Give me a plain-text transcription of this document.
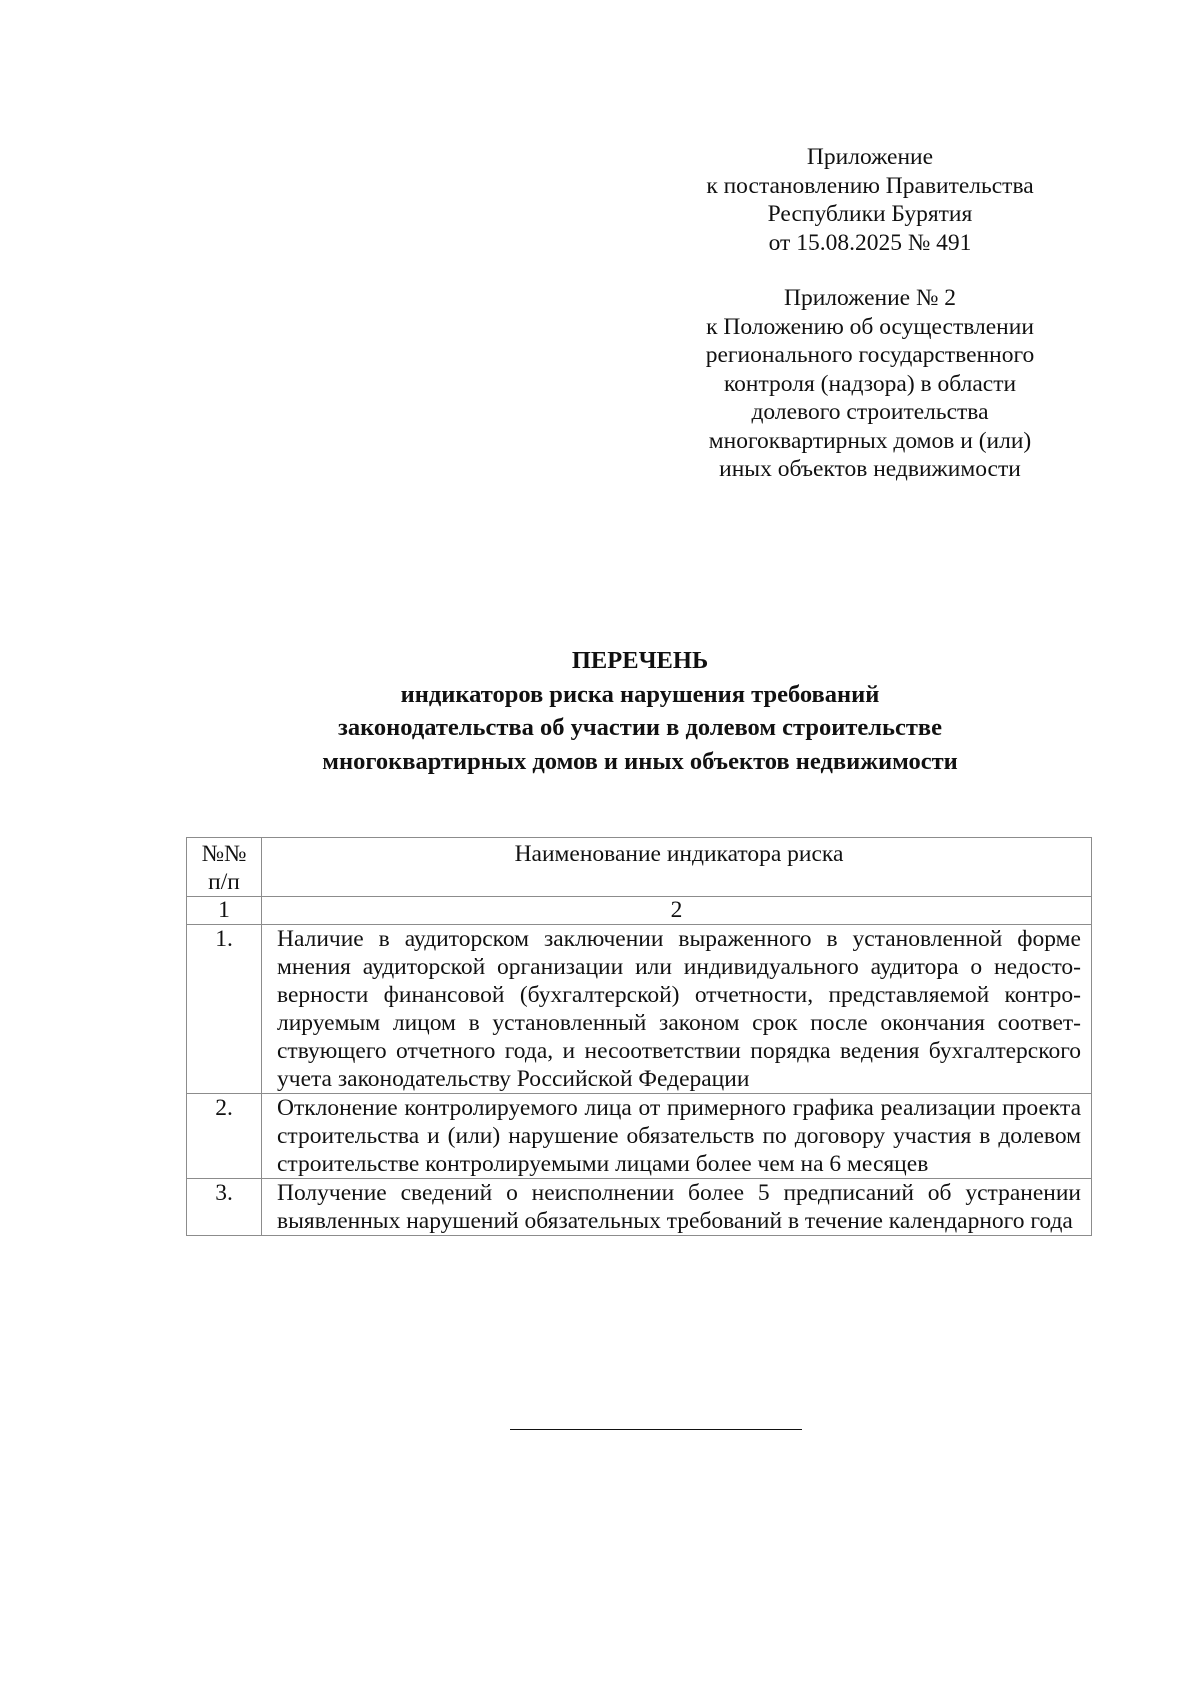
Приложение
к постановлению Правительства
Республики Бурятия
от 15.08.2025 № 491
Приложение № 2
к Положению об осуществлении
регионального государственного
контроля (надзора) в области
долевого строительства
многоквартирных домов и (или)
иных объектов недвижимости
ПЕРЕЧЕНЬ
индикаторов риска нарушения требований
законодательства об участии в долевом строительстве
многоквартирных домов и иных объектов недвижимости
№№
п/п	Наименование индикатора риска
1	2
1.	Наличие в аудиторском заключении выраженного в установленной форме мнения аудиторской организации или индивидуального аудитора о недостоверности финансовой (бухгалтерской) отчетности, представляемой контролируемым лицом в установленный законом срок после окончания соответствующего отчетного года, и несоответствии порядка ведения бухгалтерского учета законодательству Российской Федерации

2.	Отклонение контролируемого лица от примерного графика реализации проекта строительства и (или) нарушение обязательств по договору участия в долевом строительстве контролируемыми лицами более чем на 6 месяцев

3.	Получение сведений о неисполнении более 5 предписаний об устранении выявленных нарушений обязательных требований в течение календарного года
